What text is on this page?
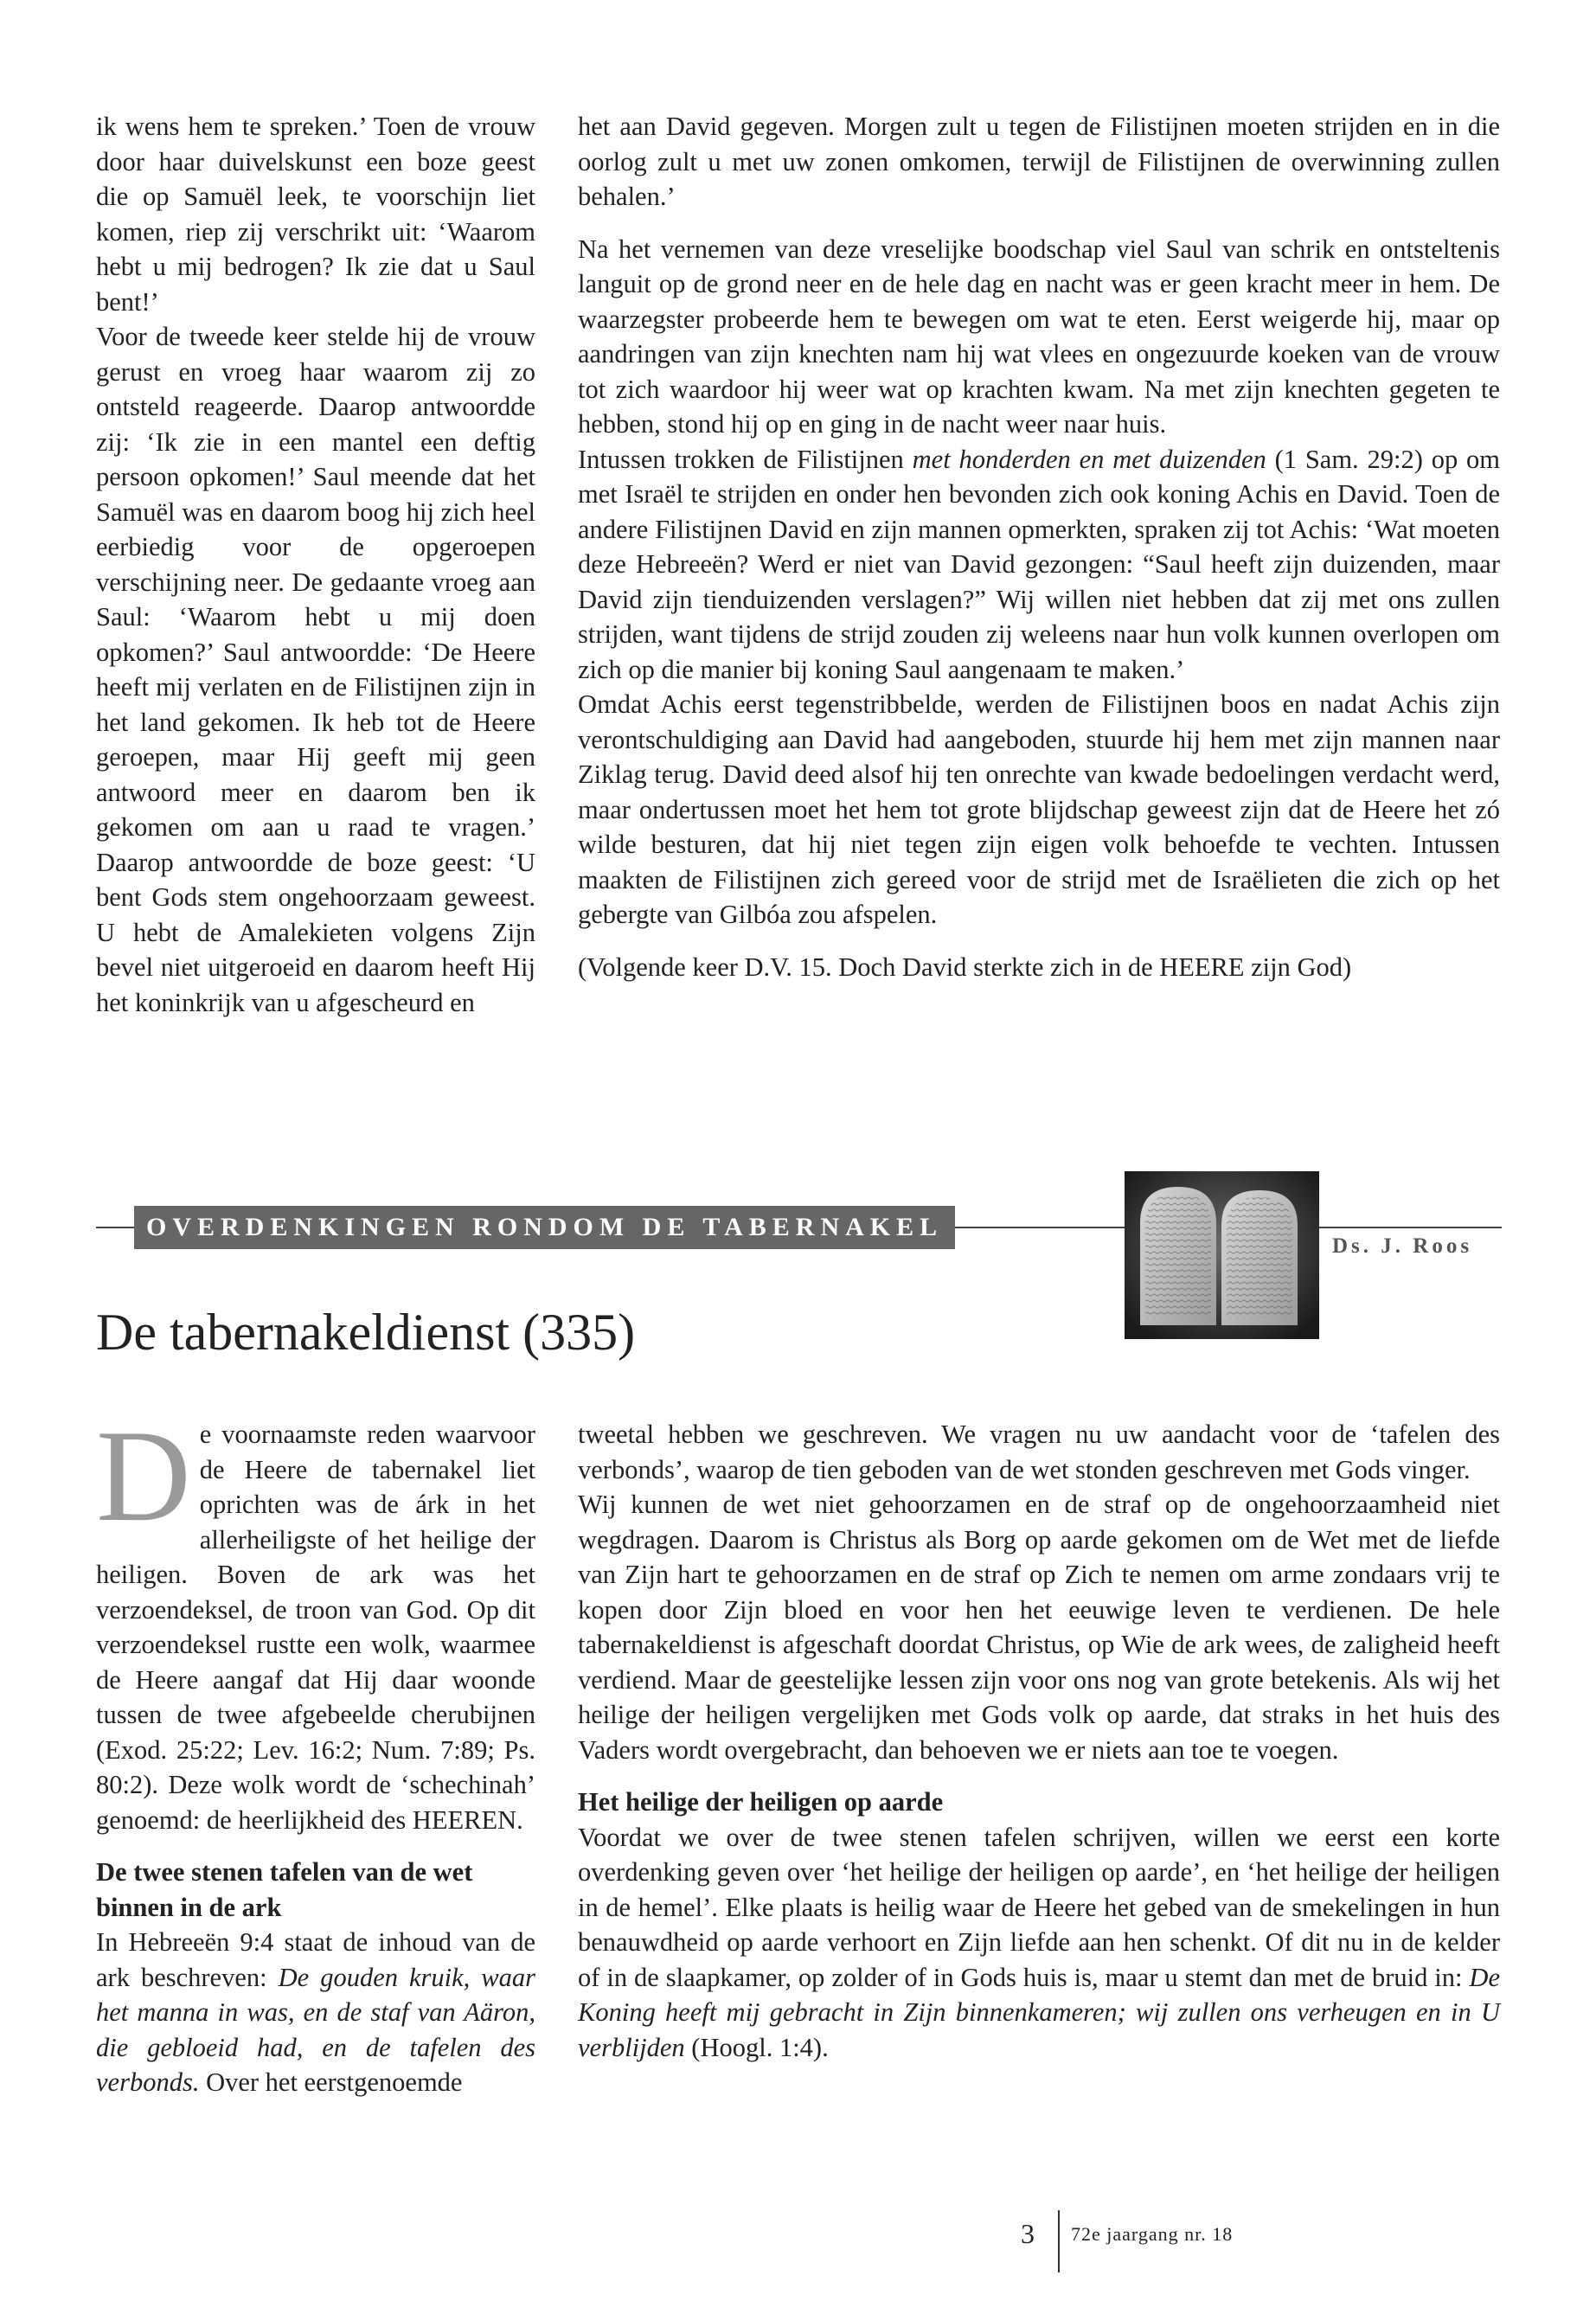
ik wens hem te spreken.’ Toen de vrouw door haar duivelskunst een boze geest die op Samuël leek, te voorschijn liet komen, riep zij verschrikt uit: ‘Waarom hebt u mij bedrogen? Ik zie dat u Saul bent!’

Voor de tweede keer stelde hij de vrouw gerust en vroeg haar waarom zij zo ontsteld reageerde. Daarop antwoordde zij: ‘Ik zie in een mantel een deftig persoon opkomen!’ Saul meende dat het Samuël was en daarom boog hij zich heel eerbiedig voor de opgeroepen verschijning neer. De gedaante vroeg aan Saul: ‘Waarom hebt u mij doen opkomen?’ Saul antwoordde: ‘De Heere heeft mij verlaten en de Filistijnen zijn in het land gekomen. Ik heb tot de Heere geroepen, maar Hij geeft mij geen antwoord meer en daarom ben ik gekomen om aan u raad te vragen.’ Daarop antwoordde de boze geest: ‘U bent Gods stem ongehoorzaam geweest. U hebt de Amalekieten volgens Zijn bevel niet uitgeroeid en daarom heeft Hij het koninkrijk van u afgescheurd en

het aan David gegeven. Morgen zult u tegen de Filistijnen moeten strijden en in die oorlog zult u met uw zonen omkomen, terwijl de Filistijnen de overwinning zullen behalen.’

Na het vernemen van deze vreselijke boodschap viel Saul van schrik en ontsteltenis languit op de grond neer en de hele dag en nacht was er geen kracht meer in hem. De waarzegster probeerde hem te bewegen om wat te eten. Eerst weigerde hij, maar op aandringen van zijn knechten nam hij wat vlees en ongezuurde koeken van de vrouw tot zich waardoor hij weer wat op krachten kwam. Na met zijn knechten gegeten te hebben, stond hij op en ging in de nacht weer naar huis.

Intussen trokken de Filistijnen met honderden en met duizenden (1 Sam. 29:2) op om met Israël te strijden en onder hen bevonden zich ook koning Achis en David. Toen de andere Filistijnen David en zijn mannen opmerkten, spraken zij tot Achis: ‘Wat moeten deze Hebreeën? Werd er niet van David gezongen: “Saul heeft zijn duizenden, maar David zijn tienduizenden verslagen?” Wij willen niet hebben dat zij met ons zullen strijden, want tijdens de strijd zouden zij weleens naar hun volk kunnen overlopen om zich op die manier bij koning Saul aangenaam te maken.’

Omdat Achis eerst tegenstribbelde, werden de Filistijnen boos en nadat Achis zijn verontschuldiging aan David had aangeboden, stuurde hij hem met zijn mannen naar Ziklag terug. David deed alsof hij ten onrechte van kwade bedoelingen verdacht werd, maar ondertussen moet het hem tot grote blijdschap geweest zijn dat de Heere het zó wilde besturen, dat hij niet tegen zijn eigen volk behoefde te vechten. Intussen maakten de Filistijnen zich gereed voor de strijd met de Israëlieten die zich op het gebergte van Gilbóa zou afspelen.

(Volgende keer D.V. 15. Doch David sterkte zich in de HEERE zijn God)

OVERDENKINGEN RONDOM DE TABERNAKEL
Ds. J. Roos
De tabernakeldienst (335)

De voornaamste reden waarvoor de Heere de tabernakel liet oprichten was de árk in het allerheiligste of het heilige der heiligen. Boven de ark was het verzoendeksel, de troon van God. Op dit verzoendeksel rustte een wolk, waarmee de Heere aangaf dat Hij daar woonde tussen de twee afgebeelde cherubijnen (Exod. 25:22; Lev. 16:2; Num. 7:89; Ps. 80:2). Deze wolk wordt de ‘schechinah’ genoemd: de heerlijkheid des HEEREN.

De twee stenen tafelen van de wet binnen in de ark

In Hebreeën 9:4 staat de inhoud van de ark beschreven: De gouden kruik, waar het manna in was, en de staf van Aäron, die gebloeid had, en de tafelen des verbonds. Over het eerstgenoemde

tweetal hebben we geschreven. We vragen nu uw aandacht voor de ‘tafelen des verbonds’, waarop de tien geboden van de wet stonden geschreven met Gods vinger.

Wij kunnen de wet niet gehoorzamen en de straf op de ongehoorzaamheid niet wegdragen. Daarom is Christus als Borg op aarde gekomen om de Wet met de liefde van Zijn hart te gehoorzamen en de straf op Zich te nemen om arme zondaars vrij te kopen door Zijn bloed en voor hen het eeuwige leven te verdienen. De hele tabernakeldienst is afgeschaft doordat Christus, op Wie de ark wees, de zaligheid heeft verdiend. Maar de geestelijke lessen zijn voor ons nog van grote betekenis. Als wij het heilige der heiligen vergelijken met Gods volk op aarde, dat straks in het huis des Vaders wordt overgebracht, dan behoeven we er niets aan toe te voegen.

Het heilige der heiligen op aarde

Voordat we over de twee stenen tafelen schrijven, willen we eerst een korte overdenking geven over ‘het heilige der heiligen op aarde’, en ‘het heilige der heiligen in de hemel’. Elke plaats is heilig waar de Heere het gebed van de smekelingen in hun benauwdheid op aarde verhoort en Zijn liefde aan hen schenkt. Of dit nu in de kelder of in de slaapkamer, op zolder of in Gods huis is, maar u stemt dan met de bruid in: De Koning heeft mij gebracht in Zijn binnenkameren; wij zullen ons verheugen en in U verblijden (Hoogl. 1:4).

3 72e jaargang nr. 18
